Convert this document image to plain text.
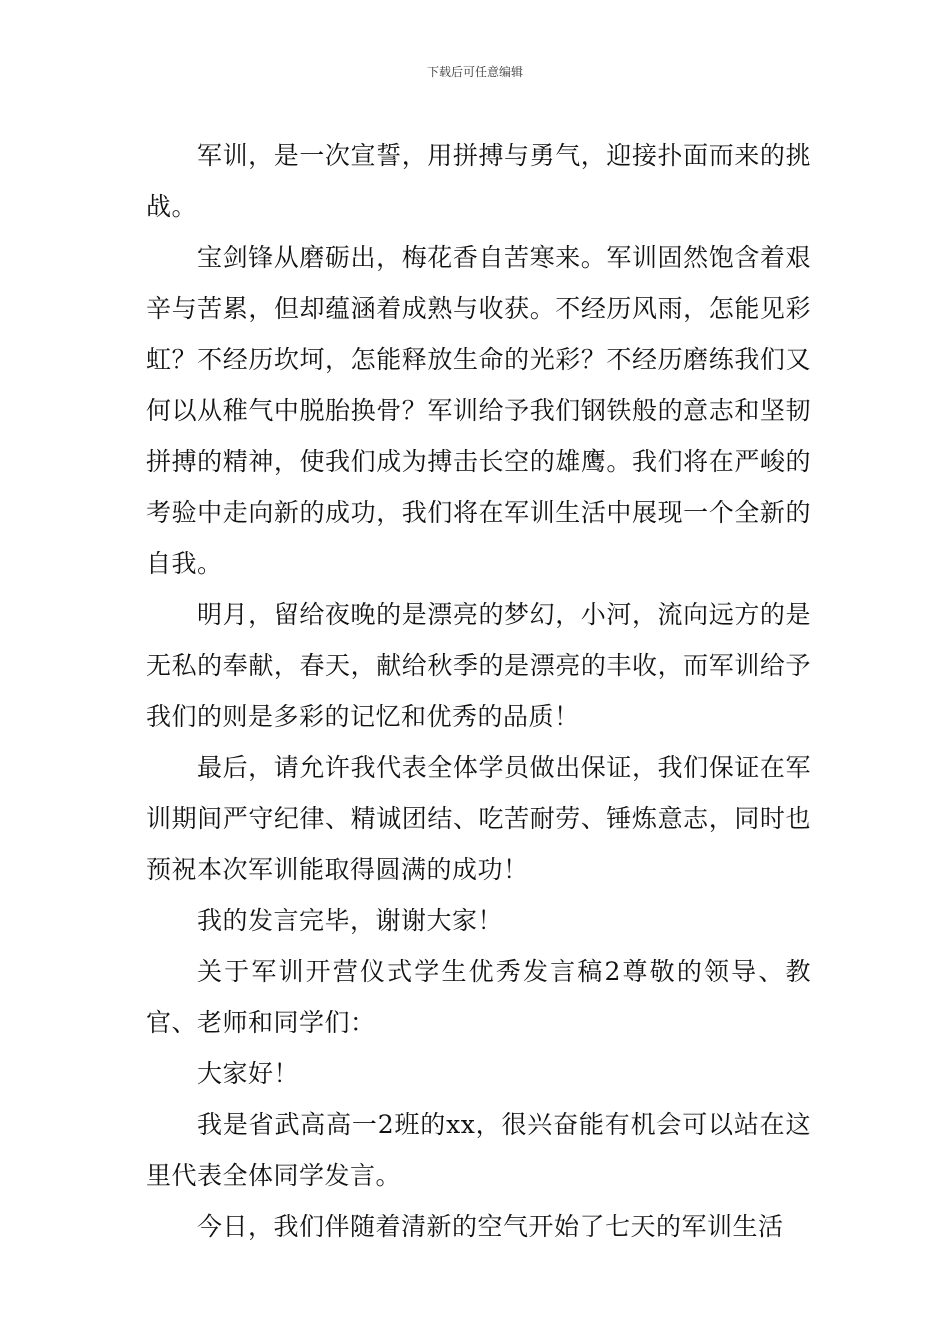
下载后可任意编辑

军训，是一次宣誓，用拼搏与勇气，迎接扑面而来的挑战。

宝剑锋从磨砺出，梅花香自苦寒来。军训固然饱含着艰辛与苦累，但却蕴涵着成熟与收获。不经历风雨，怎能见彩虹？不经历坎坷，怎能释放生命的光彩？不经历磨练我们又何以从稚气中脱胎换骨？军训给予我们钢铁般的意志和坚韧拼搏的精神，使我们成为搏击长空的雄鹰。我们将在严峻的考验中走向新的成功，我们将在军训生活中展现一个全新的自我。

明月，留给夜晚的是漂亮的梦幻，小河，流向远方的是无私的奉献，春天，献给秋季的是漂亮的丰收，而军训给予我们的则是多彩的记忆和优秀的品质！

最后，请允许我代表全体学员做出保证，我们保证在军训期间严守纪律、精诚团结、吃苦耐劳、锤炼意志，同时也预祝本次军训能取得圆满的成功！

我的发言完毕，谢谢大家！

关于军训开营仪式学生优秀发言稿2尊敬的领导、教官、老师和同学们：

大家好！

我是省武高高一2班的xx，很兴奋能有机会可以站在这里代表全体同学发言。

今日，我们伴随着清新的空气开始了七天的军训生活
